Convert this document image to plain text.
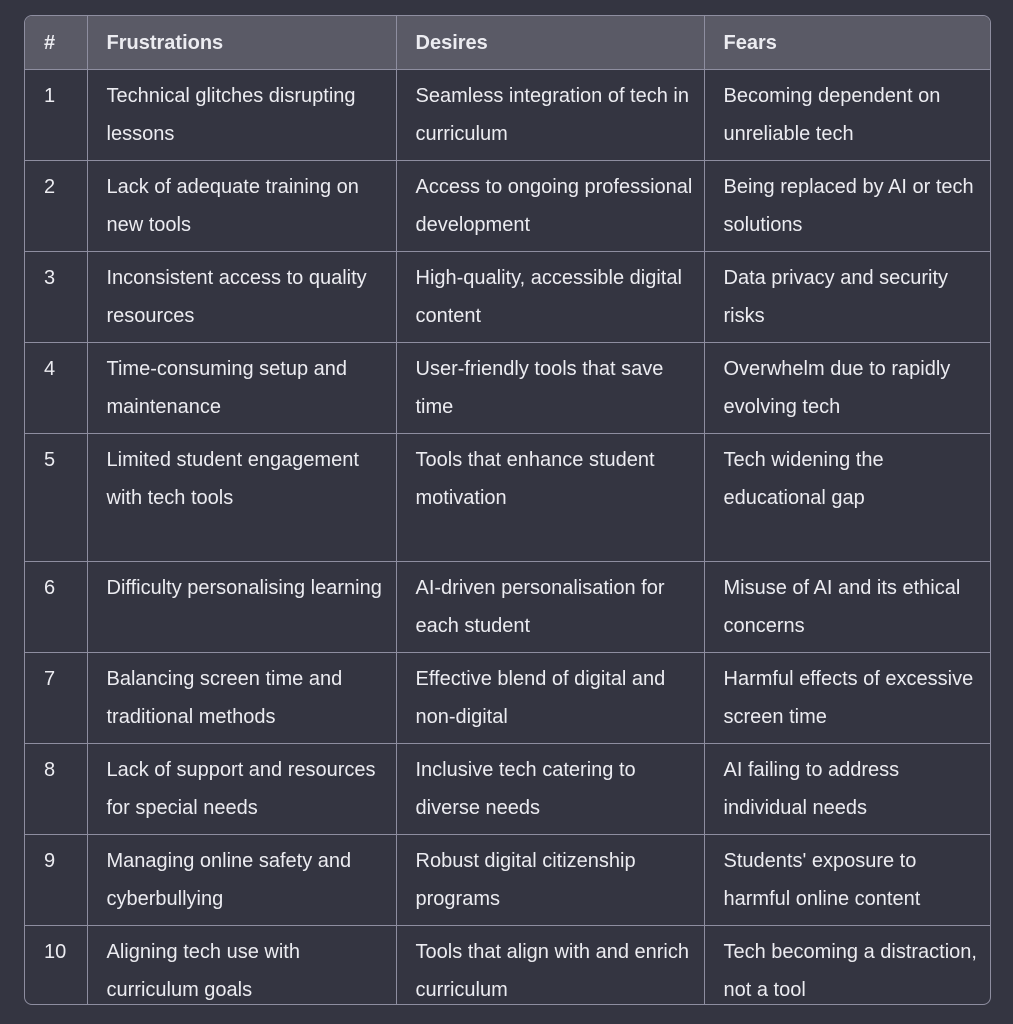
#	Frustrations	Desires	Fears
1	Technical glitches disrupting lessons	Seamless integration of tech in curriculum	Becoming dependent on unreliable tech
2	Lack of adequate training on new tools	Access to ongoing professional development	Being replaced by AI or tech solutions
3	Inconsistent access to quality resources	High-quality, accessible digital content	Data privacy and security risks
4	Time-consuming setup and maintenance	User-friendly tools that save time	Overwhelm due to rapidly evolving tech
5	Limited student engagement with tech tools	Tools that enhance student motivation	Tech widening the educational gap
6	Difficulty personalising learning	AI-driven personalisation for each student	Misuse of AI and its ethical concerns
7	Balancing screen time and traditional methods	Effective blend of digital and non-digital	Harmful effects of excessive screen time
8	Lack of support and resources for special needs	Inclusive tech catering to diverse needs	AI failing to address individual needs
9	Managing online safety and cyberbullying	Robust digital citizenship programs	Students' exposure to harmful online content
10	Aligning tech use with curriculum goals	Tools that align with and enrich curriculum	Tech becoming a distraction, not a tool
